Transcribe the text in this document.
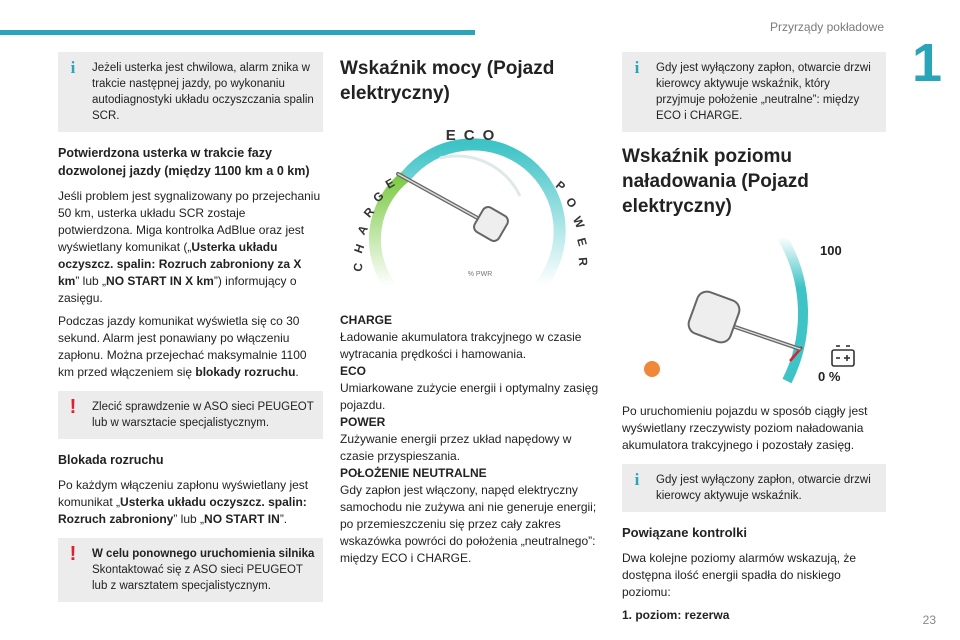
Przyrządy pokładowe
1
23
i	Jeżeli usterka jest chwilowa, alarm znika w trakcie następnej jazdy, po wykonaniu autodiagnostyki układu oczyszczania spalin SCR.
Potwierdzona usterka w trakcie fazy dozwolonej jazdy (między 1100 km a 0 km)

Jeśli problem jest sygnalizowany po przejechaniu 50 km, usterka układu SCR zostaje potwierdzona. Miga kontrolka AdBlue oraz jest wyświetlany komunikat („Usterka układu oczyszcz. spalin: Rozruch zabroniony za X km” lub „NO START IN X km”) informujący o zasięgu.

Podczas jazdy komunikat wyświetla się co 30 sekund. Alarm jest ponawiany po włączeniu zapłonu. Można przejechać maksymalnie 1100 km przed włączeniem się blokady rozruchu.

!	Zlecić sprawdzenie w ASO sieci PEUGEOT lub w warsztacie specjalistycznym.
Blokada rozruchu

Po każdym włączeniu zapłonu wyświetlany jest komunikat „Usterka układu oczyszcz. spalin: Rozruch zabroniony” lub „NO START IN”.

!	W celu ponownego uruchomienia silnika Skontaktować się z ASO sieci PEUGEOT lub z warsztatem specjalistycznym.
Wskaźnik mocy (Pojazd elektryczny)
ECO
% PWR
C
H
A
R
G
E	P
O
W
E
R

CHARGE

Ładowanie akumulatora trakcyjnego w czasie wytracania prędkości i hamowania.

ECO

Umiarkowane zużycie energii i optymalny zasięg pojazdu.

POWER

Zużywanie energii przez układ napędowy w czasie przyspieszania.

POŁOŻENIE NEUTRALNE

Gdy zapłon jest włączony, napęd elektryczny samochodu nie zużywa ani nie generuje energii; po przemieszczeniu się przez cały zakres wskazówka powróci do położenia „neutralnego”: między ECO i CHARGE.

i	Gdy jest wyłączony zapłon, otwarcie drzwi kierowcy aktywuje wskaźnik, który przyjmuje położenie „neutralne”: między ECO i CHARGE.
Wskaźnik poziomu naładowania (Pojazd elektryczny)
100
0 %

Po uruchomieniu pojazdu w sposób ciągły jest wyświetlany rzeczywisty poziom naładowania akumulatora trakcyjnego i pozostały zasięg.

i	Gdy jest wyłączony zapłon, otwarcie drzwi kierowcy aktywuje wskaźnik.
Powiązane kontrolki

Dwa kolejne poziomy alarmów wskazują, że dostępna ilość energii spadła do niskiego poziomu:

1. poziom: rezerwa
